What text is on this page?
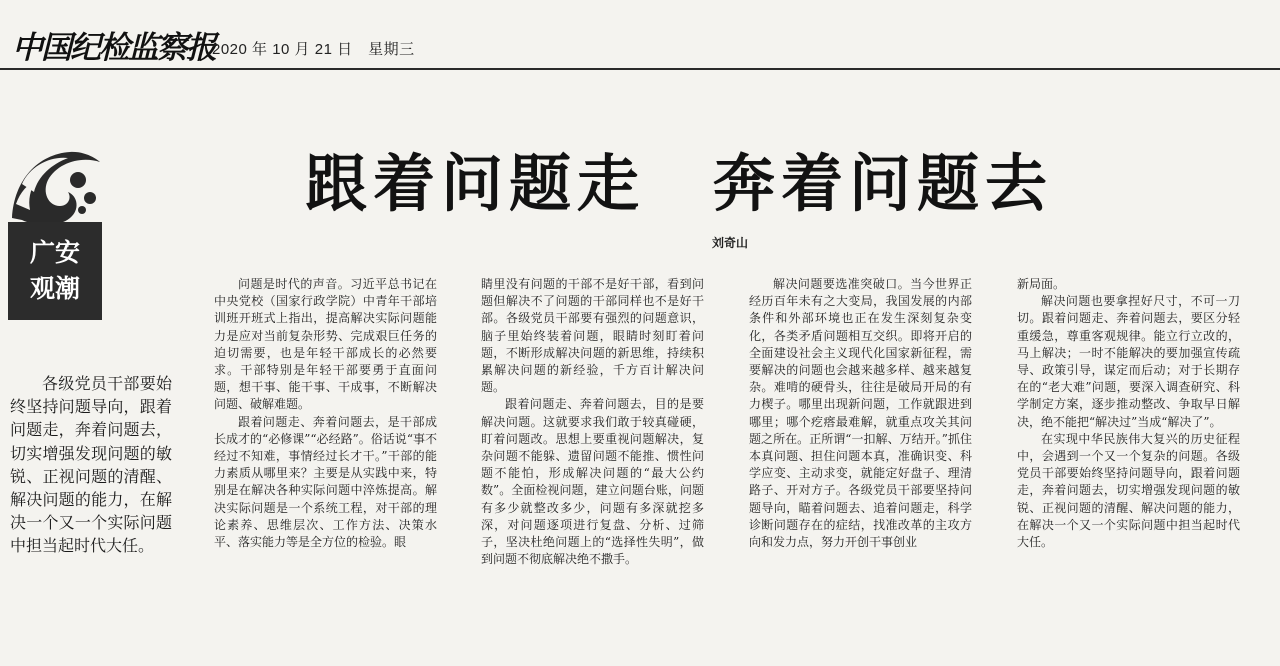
中国纪检监察报
2020 年 10 月 21 日　星期三
广安
观潮
跟着问题走　奔着问题去
刘奇山
各级党员干部要始终坚持问题导向，跟着问题走，奔着问题去，切实增强发现问题的敏锐、正视问题的清醒、解决问题的能力，在解决一个又一个实际问题中担当起时代大任。

问题是时代的声音。习近平总书记在中央党校（国家行政学院）中青年干部培训班开班式上指出，提高解决实际问题能力是应对当前复杂形势、完成艰巨任务的迫切需要，也是年轻干部成长的必然要求。干部特别是年轻干部要勇于直面问题，想干事、能干事、干成事，不断解决问题、破解难题。

跟着问题走、奔着问题去，是干部成长成才的“必修课”“必经路”。俗话说“事不经过不知难，事情经过长才干。”干部的能力素质从哪里来？主要是从实践中来，特别是在解决各种实际问题中淬炼提高。解决实际问题是一个系统工程，对干部的理论素养、思维层次、工作方法、决策水平、落实能力等是全方位的检验。眼

睛里没有问题的干部不是好干部，看到问题但解决不了问题的干部同样也不是好干部。各级党员干部要有强烈的问题意识，脑子里始终装着问题，眼睛时刻盯着问题，不断形成解决问题的新思维，持续积累解决问题的新经验，千方百计解决问题。

跟着问题走、奔着问题去，目的是要解决问题。这就要求我们敢于较真碰硬，盯着问题改。思想上要重视问题解决，复杂问题不能躲、遗留问题不能推、惯性问题不能怕，形成解决问题的“最大公约数”。全面检视问题，建立问题台账，问题有多少就整改多少，问题有多深就挖多深，对问题逐项进行复盘、分析、过筛子，坚决杜绝问题上的“选择性失明”，做到问题不彻底解决绝不撒手。

解决问题要选准突破口。当今世界正经历百年未有之大变局，我国发展的内部条件和外部环境也正在发生深刻复杂变化，各类矛盾问题相互交织。即将开启的全面建设社会主义现代化国家新征程，需要解决的问题也会越来越多样、越来越复杂。难啃的硬骨头，往往是破局开局的有力楔子。哪里出现新问题，工作就跟进到哪里；哪个疙瘩最难解，就重点攻关其问题之所在。正所谓“一扣解、万结开。”抓住本真问题、担住问题本真，准确识变、科学应变、主动求变，就能定好盘子、理清路子、开对方子。各级党员干部要坚持问题导向，瞄着问题去、追着问题走，科学诊断问题存在的症结，找准改革的主攻方向和发力点，努力开创干事创业

新局面。

解决问题也要拿捏好尺寸，不可一刀切。跟着问题走、奔着问题去，要区分轻重缓急，尊重客观规律。能立行立改的，马上解决；一时不能解决的要加强宣传疏导、政策引导，谋定而后动；对于长期存在的“老大难”问题，要深入调查研究、科学制定方案，逐步推动整改、争取早日解决，绝不能把“解决过”当成“解决了”。

在实现中华民族伟大复兴的历史征程中，会遇到一个又一个复杂的问题。各级党员干部要始终坚持问题导向，跟着问题走，奔着问题去，切实增强发现问题的敏锐、正视问题的清醒、解决问题的能力，在解决一个又一个实际问题中担当起时代大任。
